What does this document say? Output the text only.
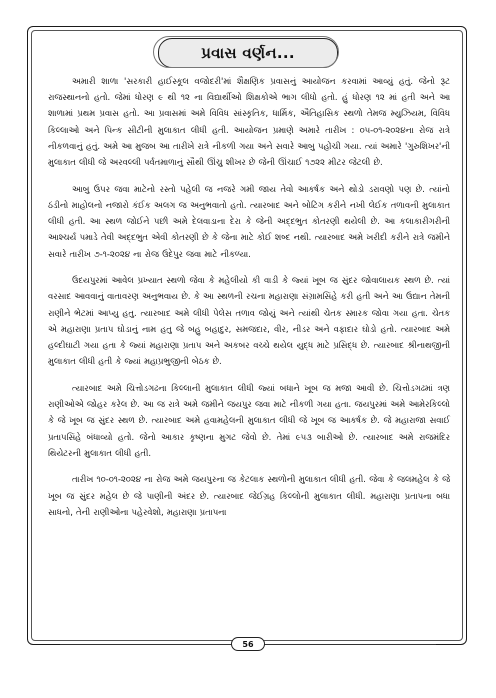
પ્રવાસ વર્ણન...

અમારી શાળા 'સરકારી હાઈસ્કૂલ વજોદરી'માં શૈક્ષણિક પ્રવાસનું આયોજન કરવામાં આવ્યું હતું. જેનો રૂટ રાજસ્થાનનો હતો. જેમાં ધોરણ ૯ થી ૧૨ ના વિદ્યાર્થીઓ શિક્ષકોએ ભાગ લીધો હતો. હું ધોરણ ૧૨ માં હતી અને આ શાળામાં પ્રથમ પ્રવાસ હતો. આ પ્રવાસમાં અમે વિવિધ સાંસ્કૃતિક, ધાર્મિક, ઐતિહાસિક સ્થળો તેમજ મ્યુઝિયમ, વિવિધ કિલ્લાઓ અને પિન્ક સીટીની મુલાકાત લીધી હતી. આયોજન પ્રમાણે અમારે તારીખ : ૦૫-૦૧-૨૦૨૪ના રોજ રાત્રે નીકળવાનું હતું. અમે આ મુજબ આ તારીખે રાત્રે નીકળી ગયા અને સવારે આબુ પહોંચી ગયા. ત્યાં અમારે 'ગુરુશિખર'ની મુલાકાત લીધી જે અરવલ્લી પર્વતમાળાનું સૌથી ઊંચુ શીખર છે જેની ઊંચાઈ ૧૭૨૨ મીટર જેટલી છે.

આબુ ઉપર જવા માટેનો રસ્તો પહેલી જ નજરે ગમી જાય તેવો આકર્ષક અને થોડો ડરાવણો પણ છે. ત્યાંનો ઠંડીનો માહોલનો નજારો કંઈક અલગ જ અનુભવાતો હતો. ત્યારબાદ અને બોટિંગ કરીને નખી લેઈક તળાવની મુલાકાત લીધી હતી. આ સ્થળ જોઈને પછી અમે દેલવાડાના દેરા કે જેની અદ્દભુત કોતરણી થયેલી છે. આ કલાકારીગરીની આશ્ચર્ય પમાડે તેવી અદ્દભુત એવી કોતરણી છે કે જેના માટે કોઈ શબ્દ નથી. ત્યારબાદ અમે ખરીદી કરીને રાત્રે જમીને સવારે તારીખ ૭-૧-૨૦૨૪ ના રોજ ઉદેપુર જવા માટે નીકળ્યા.

ઉદયપુરમાં આવેલ પ્રખ્યાત સ્થળો જેવા કે મહેલીયો કી વાડી કે જ્યાં ખૂબ જ સુંદર જોવાલાયક સ્થળ છે. ત્યાં વરસાદ આવવાનું વાતાવરણ અનુભવાય છે. કે આ સ્થળની રચના મહારાણા સંગ્રામસિંહે કરી હતી અને આ ઉદ્યાન તેમની રાણીને ભેટમાં આપ્યુ હતુ. ત્યારબાદ અમે લીધી પેલેસ તળાવ જોયું અને ત્યાંથી ચેતક સ્મારક જોવા ગયા હતા. ચેતક એ મહારાણા પ્રતાપ ઘોડાનું નામ હતુ જે બહુ બહાદુર, સમજદાર, વીર, નીડર અને વફાદાર ઘોડો હતો. ત્યારબાદ અમે હલ્દીઘાટી ગયા હતા કે જ્યાં મહારાણા પ્રતાપ અને અકબર વચ્ચે થયેલ યુદ્ધ માટે પ્રસિદ્ધ છે. ત્યારબાદ શ્રીનાથજીની મુલાકાત લીધી હતી કે જ્યાં મહાપ્રભુજીની બેઠક છે.

ત્યારબાદ અમે ચિત્તોડગઢના કિલ્લાની મુલાકાત લીધી જ્યાં બધાને ખૂબ જ મજા આવી છે. ચિત્તોડગઢમાં ત્રણ રાણીઓએ જોહર કરેલ છે. આ જ રાત્રે અમે જમીને જયપુર જવા માટે નીકળી ગયા હતા. જયપુરમાં અમે આમેરકિલ્લો કે જે ખૂબ જ સુંદર સ્થળ છે. ત્યારબાદ અમે હવામહેલની મુલાકાત લીધી જે ખૂબ જ આકર્ષક છે. જે મહારાજા સવાઈ પ્રતાપસિંહે બંધાવ્યો હતો. જેનો આકાર કૃષ્ણના મુગટ જેવો છે. તેમાં ૯૫૩ બારીઓ છે. ત્યારબાદ અમે રાજમંદિર થિયેટરની મુલાકાત લીધી હતી.

તારીખ ૧૦-૦૧-૨૦૨૪ ના રોજ અમે જયપુરના જ કેટલાક સ્થળોની મુલાકાત લીધી હતી. જેવા કે જલમહેલ કે જે ખૂબ જ સુંદર મહેલ છે જે પાણીની અંદર છે. ત્યારબાદ જેઈગ્રહ કિલ્લોની મુલાકાત લીધી. મહારાણા પ્રતાપના બધા સાધનો, તેની રાણીઓના પહેરવેશો, મહારાણા પ્રતાપના

56
